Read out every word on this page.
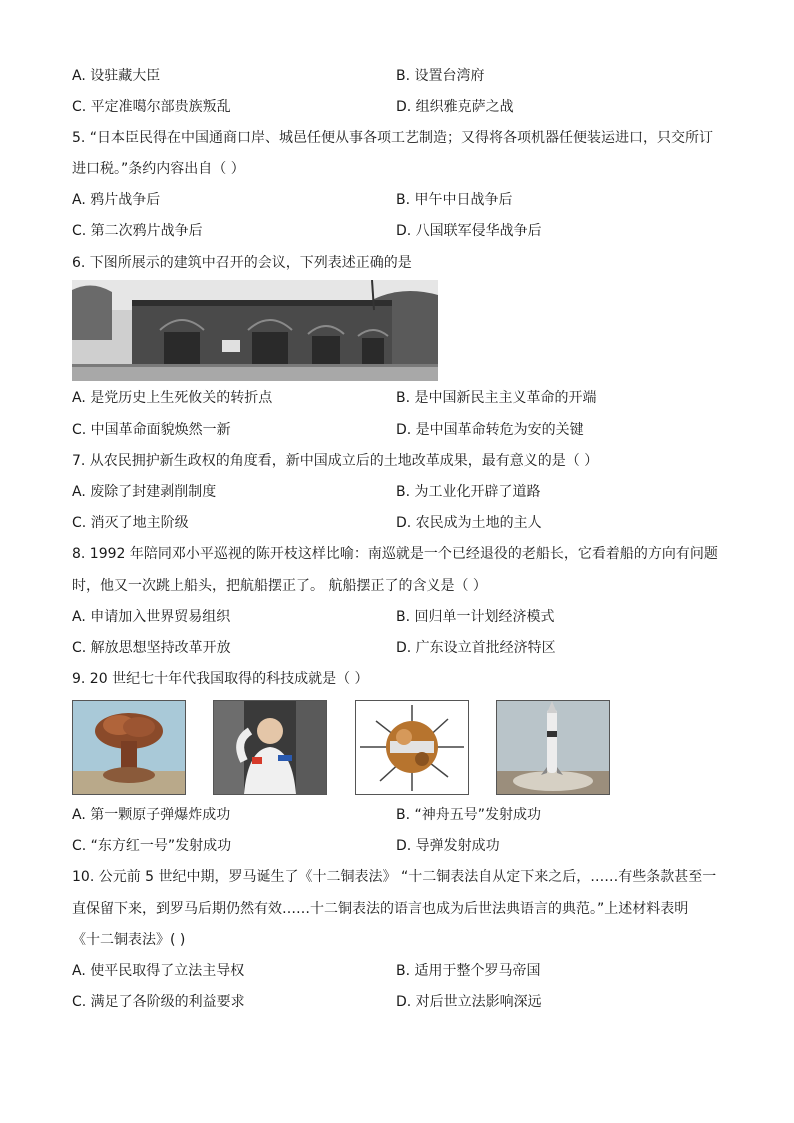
A. 设驻藏大臣	B. 设置台湾府
C. 平定准噶尔部贵族叛乱	D. 组织雅克萨之战
5. “日本臣民得在中国通商口岸、城邑任便从事各项工艺制造；又得将各项机器任便装运进口，只交所订
进口税。”条约内容出自（ ）
A. 鸦片战争后	B. 甲午中日战争后
C. 第二次鸦片战争后	D. 八国联军侵华战争后
6. 下图所展示的建筑中召开的会议，下列表述正确的是
A. 是党历史上生死攸关的转折点	B. 是中国新民主主义革命的开端
C. 中国革命面貌焕然一新	D. 是中国革命转危为安的关键
7. 从农民拥护新生政权的角度看，新中国成立后的土地改革成果，最有意义的是（ ）
A. 废除了封建剥削制度	B. 为工业化开辟了道路
C. 消灭了地主阶级	D. 农民成为土地的主人
8. 1992 年陪同邓小平巡视的陈开枝这样比喻：南巡就是一个已经退役的老船长，它看着船的方向有问题
时，他又一次跳上船头，把航船摆正了。 航船摆正了的含义是（ ）
A. 申请加入世界贸易组织	B. 回归单一计划经济模式
C. 解放思想坚持改革开放	D. 广东设立首批经济特区
9. 20 世纪七十年代我国取得的科技成就是（ ）
A. 第一颗原子弹爆炸成功	B. “神舟五号”发射成功
C. “东方红一号”发射成功	D. 导弹发射成功
10. 公元前 5 世纪中期，罗马诞生了《十二铜表法》 “十二铜表法自从定下来之后，……有些条款甚至一
直保留下来，到罗马后期仍然有效……十二铜表法的语言也成为后世法典语言的典范。”上述材料表明
《十二铜表法》( )
A. 使平民取得了立法主导权	B. 适用于整个罗马帝国
C. 满足了各阶级的利益要求	D. 对后世立法影响深远
